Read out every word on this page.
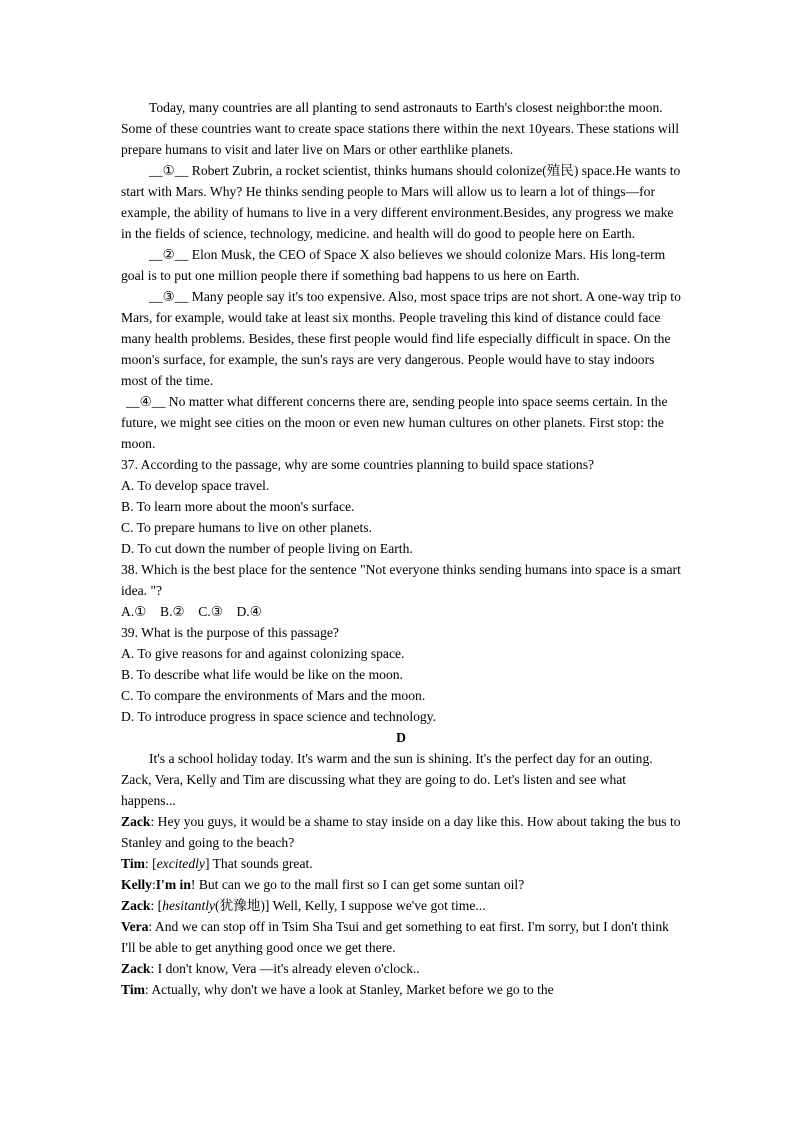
Today, many countries are all planting to send astronauts to Earth's closest neighbor:the moon. Some of these countries want to create space stations there within the next 10years. These stations will prepare humans to visit and later live on Mars or other earthlike planets.

__①__ Robert Zubrin, a rocket scientist, thinks humans should colonize(殖民) space.He wants to start with Mars. Why? He thinks sending people to Mars will allow us to learn a lot of things—for example, the ability of humans to live in a very different environment.Besides, any progress we make in the fields of science, technology, medicine. and health will do good to people here on Earth.

__②__ Elon Musk, the CEO of Space X also believes we should colonize Mars. His long-term goal is to put one million people there if something bad happens to us here on Earth.

__③__ Many people say it's too expensive. Also, most space trips are not short. A one-way trip to Mars, for example, would take at least six months. People traveling this kind of distance could face many health problems. Besides, these first people would find life especially difficult in space. On the moon's surface, for example, the sun's rays are very dangerous. People would have to stay indoors most of the time.

__④__ No matter what different concerns there are, sending people into space seems certain. In the future, we might see cities on the moon or even new human cultures on other planets. First stop: the moon.

37. According to the passage, why are some countries planning to build space stations?

A. To develop space travel.

B. To learn more about the moon's surface.

C. To prepare humans to live on other planets.

D. To cut down the number of people living on Earth.

38. Which is the best place for the sentence "Not everyone thinks sending humans into space is a smart idea. "?

A.①    B.②    C.③    D.④

39. What is the purpose of this passage?

A. To give reasons for and against colonizing space.

B. To describe what life would be like on the moon.

C. To compare the environments of Mars and the moon.

D. To introduce progress in space science and technology.

D

It's a school holiday today. It's warm and the sun is shining. It's the perfect day for an outing. Zack, Vera, Kelly and Tim are discussing what they are going to do. Let's listen and see what happens...

Zack: Hey you guys, it would be a shame to stay inside on a day like this. How about taking the bus to Stanley and going to the beach?

Tim: [excitedly] That sounds great.

Kelly:I'm in! But can we go to the mall first so I can get some suntan oil?

Zack: [hesitantly(犹豫地)] Well, Kelly, I suppose we've got time...

Vera: And we can stop off in Tsim Sha Tsui and get something to eat first. I'm sorry, but I don't think I'll be able to get anything good once we get there.

Zack: I don't know, Vera —it's already eleven o'clock..

Tim: Actually, why don't we have a look at Stanley, Market before we go to the
